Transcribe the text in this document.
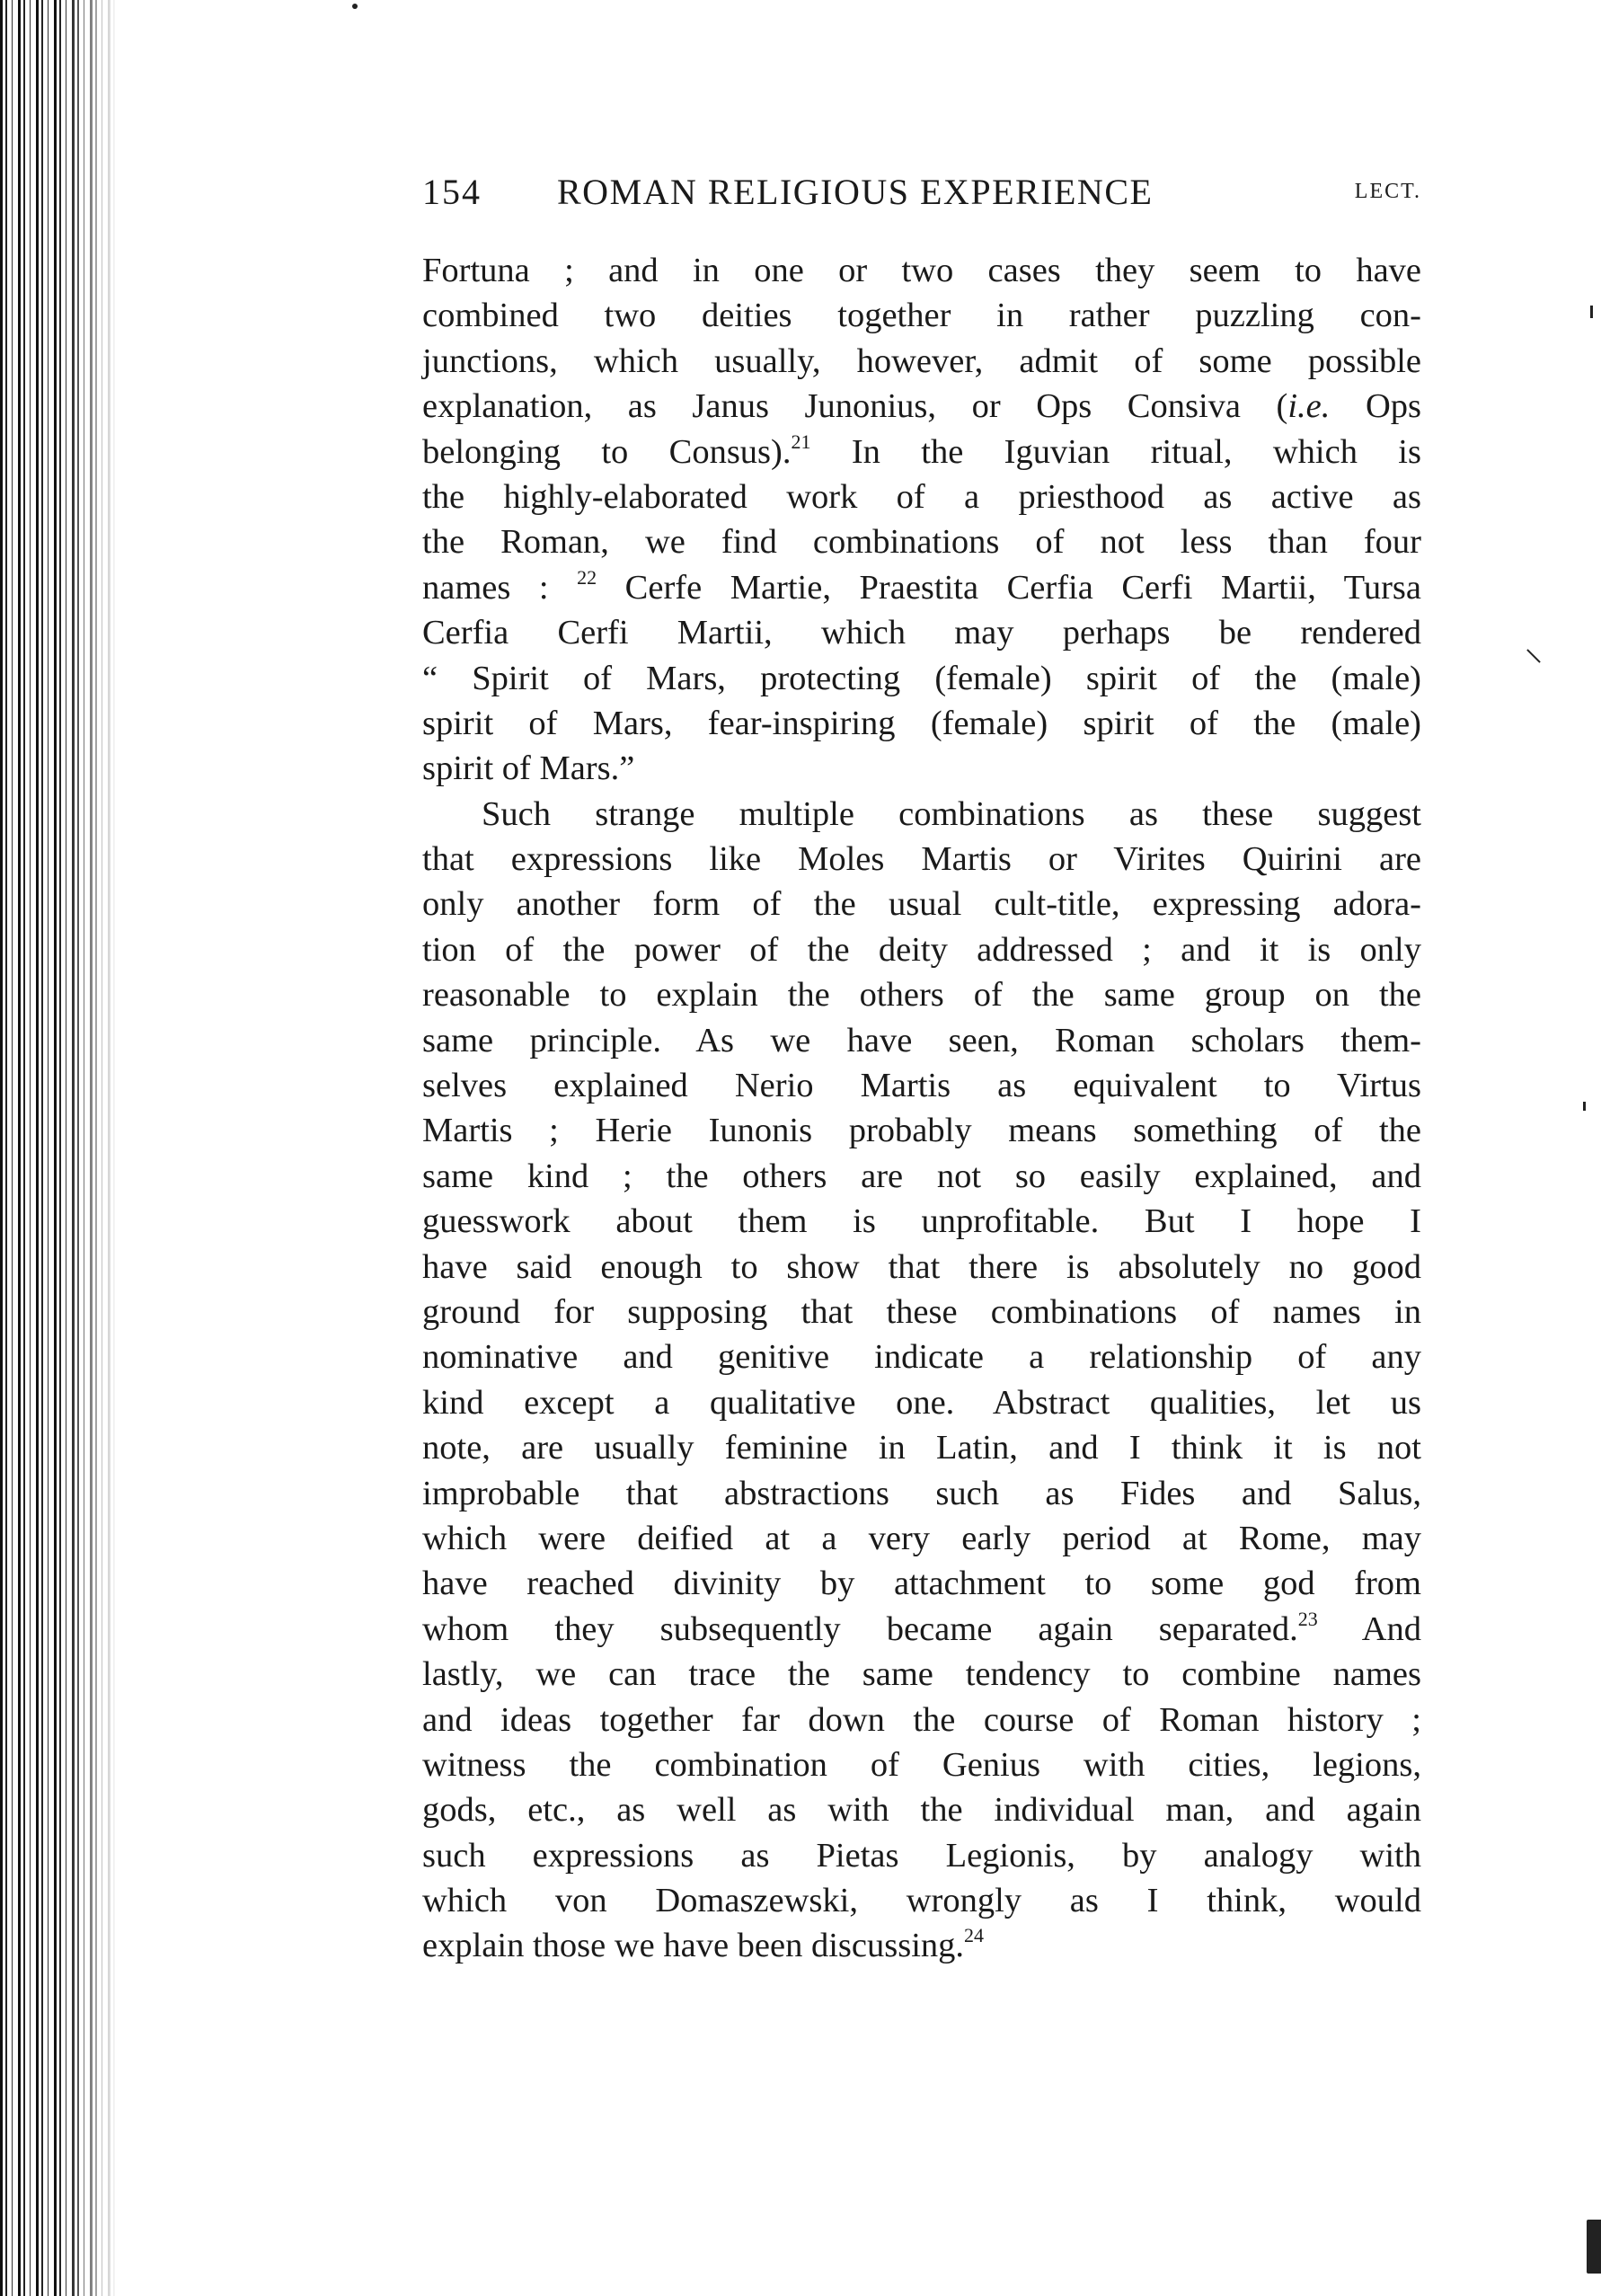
154 ROMAN RELIGIOUS EXPERIENCE	LECT.
Fortuna ; and in one or two cases they seem to have
combined two deities together in rather puzzling con-
junctions, which usually, however, admit of some possible
explanation, as Janus Junonius, or Ops Consiva (i.e. Ops
belonging to Consus).$^{21}$ In the Iguvian ritual, which is
the highly-elaborated work of a priesthood as active as
the Roman, we find combinations of not less than four
names : $^{22}$ Cerfe Martie, Praestita Cerfia Cerfi Martii, Tursa
Cerfia Cerfi Martii, which may perhaps be rendered
“ Spirit of Mars, protecting (female) spirit of the (male)
spirit of Mars, fear-inspiring (female) spirit of the (male)
spirit of Mars.”
Such strange multiple combinations as these suggest
that expressions like Moles Martis or Virites Quirini are
only another form of the usual cult-title, expressing adora-
tion of the power of the deity addressed ; and it is only
reasonable to explain the others of the same group on the
same principle. As we have seen, Roman scholars them-
selves explained Nerio Martis as equivalent to Virtus
Martis ; Herie Iunonis probably means something of the
same kind ; the others are not so easily explained, and
guesswork about them is unprofitable. But I hope I
have said enough to show that there is absolutely no good
ground for supposing that these combinations of names in
nominative and genitive indicate a relationship of any
kind except a qualitative one. Abstract qualities, let us
note, are usually feminine in Latin, and I think it is not
improbable that abstractions such as Fides and Salus,
which were deified at a very early period at Rome, may
have reached divinity by attachment to some god from
whom they subsequently became again separated.$^{23}$ And
lastly, we can trace the same tendency to combine names
and ideas together far down the course of Roman history ;
witness the combination of Genius with cities, legions,
gods, etc., as well as with the individual man, and again
such expressions as Pietas Legionis, by analogy with
which von Domaszewski, wrongly as I think, would
explain those we have been discussing.$^{24}$
